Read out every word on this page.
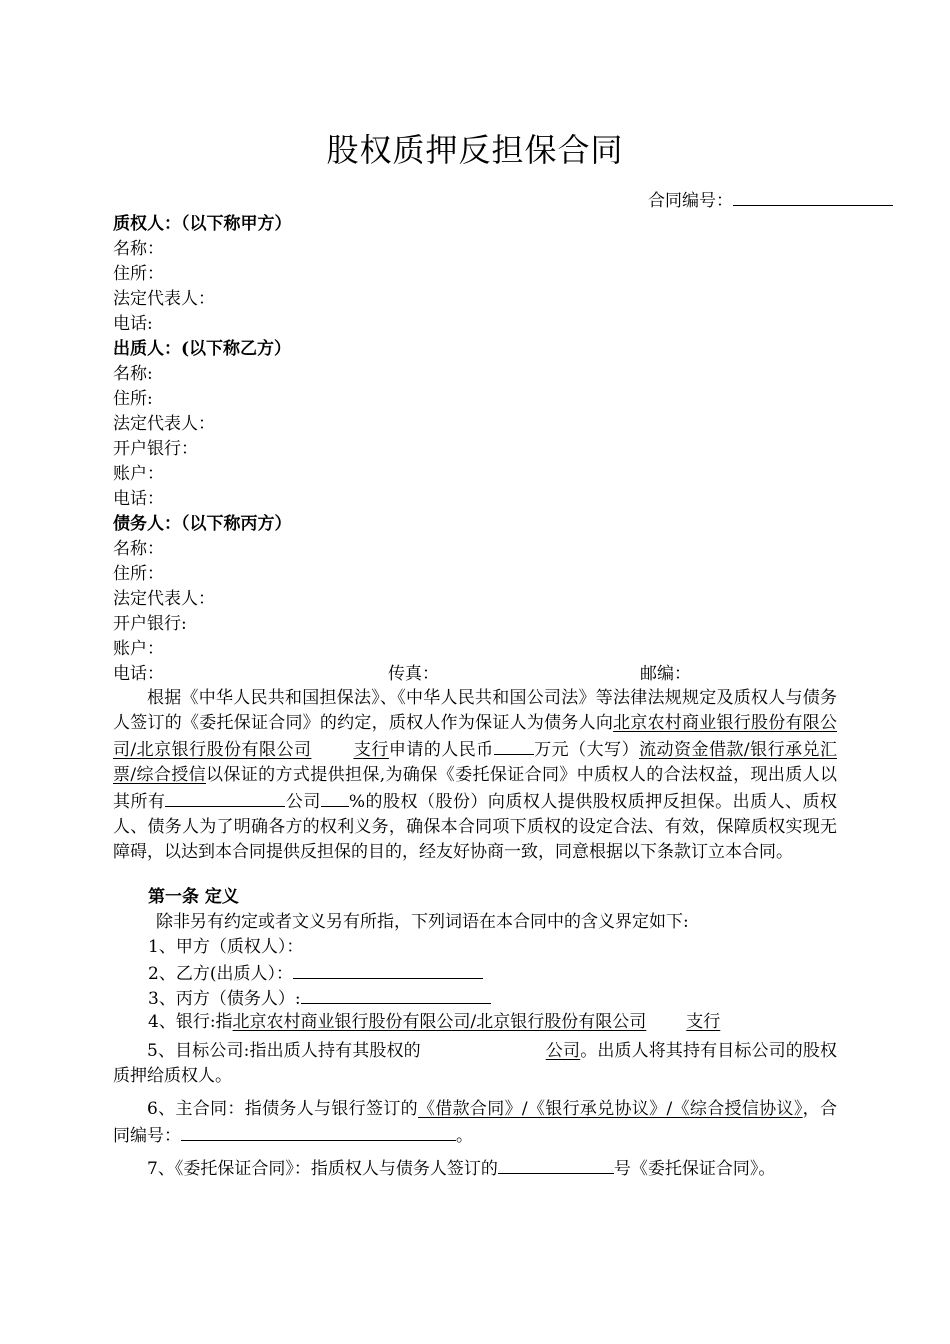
股权质押反担保合同
合同编号：
质权人：（以下称甲方）
名称：
住所：
法定代表人：
电话:
出质人：(以下称乙方）
名称:
住所:
法定代表人：
开户银行：
账户：
电话：
债务人：（以下称丙方）
名称：
住所：
法定代表人：
开户银行:
账户：
电话：	传真：	邮编：
根据《中华人民共和国担保法》、《中华人民共和国公司法》等法律法规规定及质权人与债务人签订的《委托保证合同》的约定，质权人作为保证人为债务人向北京农村商业银行股份有限公司/北京银行股份有限公司 支行申请的人民币 万元（大写）流动资金借款/银行承兑汇票/综合授信以保证的方式提供担保,为确保《委托保证合同》中质权人的合法权益，现出质人以其所有	公司 %的股权（股份）向质权人提供股权质押反担保。出质人、质权人、债务人为了明确各方的权利义务，确保本合同项下质权的设定合法、有效，保障质权实现无障碍，以达到本合同提供反担保的目的，经友好协商一致，同意根据以下条款订立本合同。
第一条 定义
除非另有约定或者文义另有所指，下列词语在本合同中的含义界定如下:
1、甲方（质权人）：
2、乙方(出质人）：
3、丙方（债务人）:
4、银行:指北京农村商业银行股份有限公司/北京银行股份有限公司 支行
5、目标公司:指出质人持有其股权的	公司。出质人将其持有目标公司的股权质押给质权人。
6、主合同：指债务人与银行签订的《借款合同》/《银行承兑协议》/《综合授信协议》，合同编号：	。
7、《委托保证合同》：指质权人与债务人签订的	号《委托保证合同》。
